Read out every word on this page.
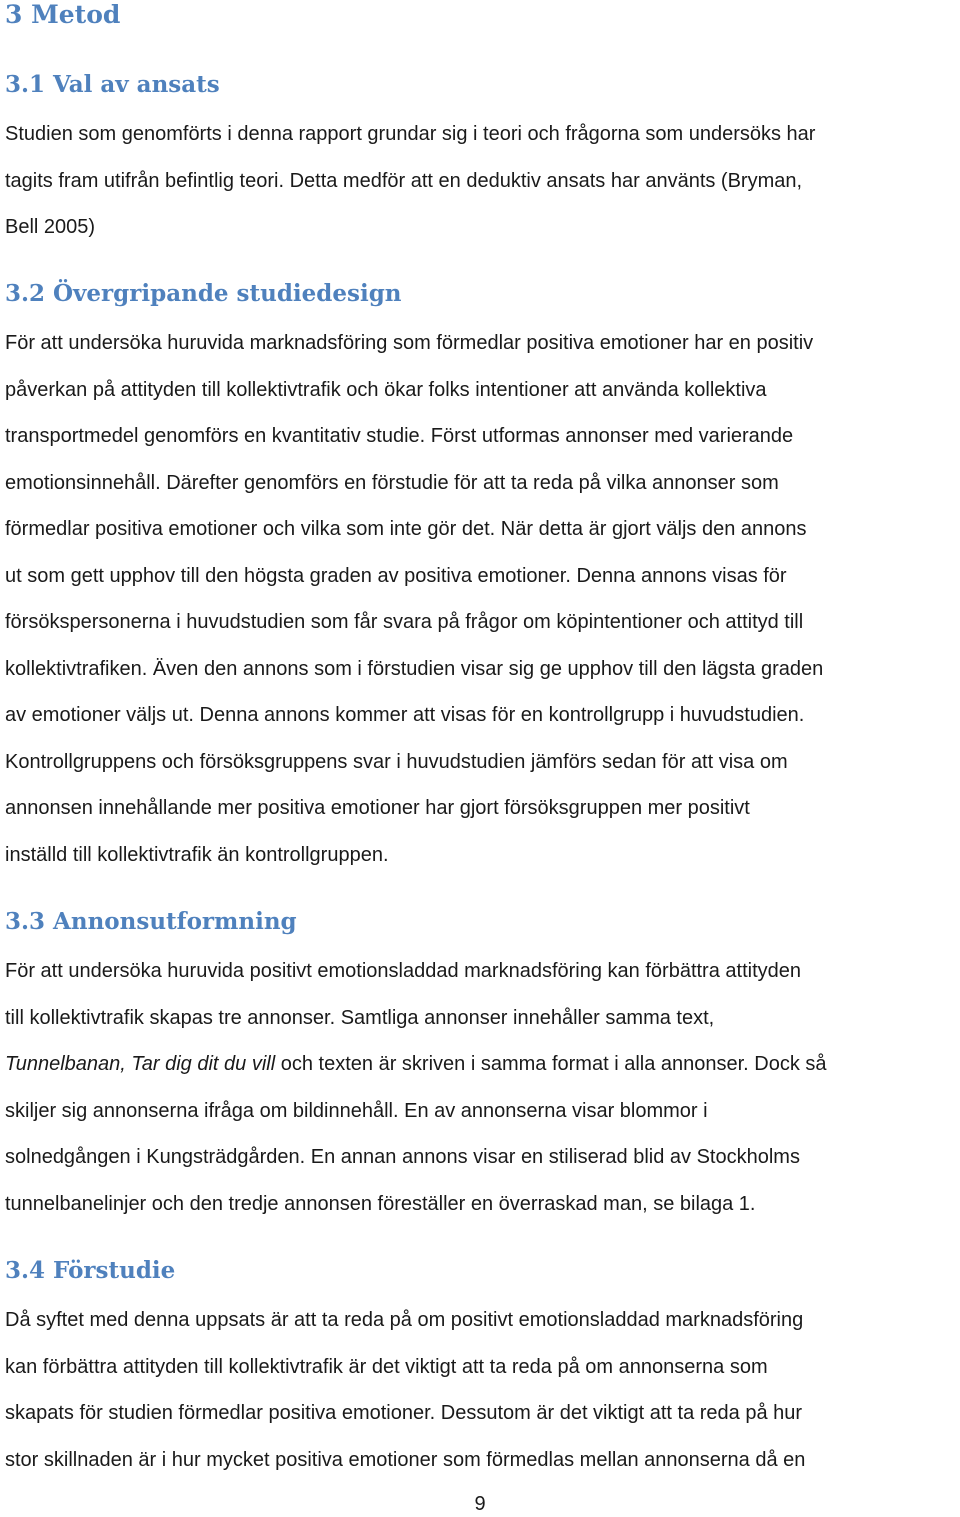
3 Metod
3.1 Val av ansats
Studien som genomförts i denna rapport grundar sig i teori och frågorna som undersöks har
tagits fram utifrån befintlig teori. Detta medför att en deduktiv ansats har använts (Bryman,
Bell 2005)
3.2 Övergripande studiedesign
För att undersöka huruvida marknadsföring som förmedlar positiva emotioner har en positiv
påverkan på attityden till kollektivtrafik och ökar folks intentioner att använda kollektiva
transportmedel genomförs en kvantitativ studie. Först utformas annonser med varierande
emotionsinnehåll. Därefter genomförs en förstudie för att ta reda på vilka annonser som
förmedlar positiva emotioner och vilka som inte gör det. När detta är gjort väljs den annons
ut som gett upphov till den högsta graden av positiva emotioner. Denna annons visas för
försökspersonerna i huvudstudien som får svara på frågor om köpintentioner och attityd till
kollektivtrafiken. Även den annons som i förstudien visar sig ge upphov till den lägsta graden
av emotioner väljs ut. Denna annons kommer att visas för en kontrollgrupp i huvudstudien.
Kontrollgruppens och försöksgruppens svar i huvudstudien jämförs sedan för att visa om
annonsen innehållande mer positiva emotioner har gjort försöksgruppen mer positivt
inställd till kollektivtrafik än kontrollgruppen.
3.3 Annonsutformning
För att undersöka huruvida positivt emotionsladdad marknadsföring kan förbättra attityden
till kollektivtrafik skapas tre annonser. Samtliga annonser innehåller samma text,
Tunnelbanan, Tar dig dit du vill och texten är skriven i samma format i alla annonser. Dock så
skiljer sig annonserna ifråga om bildinnehåll. En av annonserna visar blommor i
solnedgången i Kungsträdgården. En annan annons visar en stiliserad blid av Stockholms
tunnelbanelinjer och den tredje annonsen föreställer en överraskad man, se bilaga 1.
3.4 Förstudie
Då syftet med denna uppsats är att ta reda på om positivt emotionsladdad marknadsföring
kan förbättra attityden till kollektivtrafik är det viktigt att ta reda på om annonserna som
skapats för studien förmedlar positiva emotioner. Dessutom är det viktigt att ta reda på hur
stor skillnaden är i hur mycket positiva emotioner som förmedlas mellan annonserna då en
9
